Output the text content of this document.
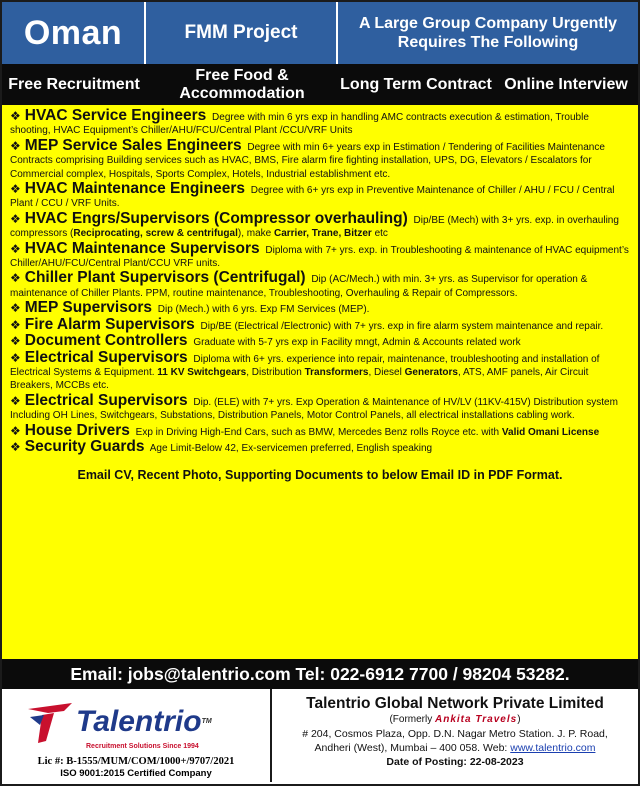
Oman	FMM Project	A Large Group Company Urgently Requires The Following
Free Recruitment
Free Food & Accommodation
Long Term Contract Online Interview
❖ HVAC Service Engineers Degree with min 6 yrs exp in handling AMC contracts execution & estimation, Trouble shooting, HVAC Equipment’s Chiller/AHU/FCU/Central Plant /CCU/VRF Units
❖ MEP Service Sales Engineers Degree with min 6+ years exp in Estimation / Tendering of Facilities Maintenance Contracts comprising Building services such as HVAC, BMS, Fire alarm fire fighting installation, UPS, DG, Elevators / Escalators for Commercial complex, Hospitals, Sports Complex, Hotels, Industrial establishment etc.
❖ HVAC Maintenance Engineers Degree with 6+ yrs exp in Preventive Maintenance of Chiller / AHU / FCU / Central Plant / CCU / VRF Units.
❖ HVAC Engrs/Supervisors (Compressor overhauling) Dip/BE (Mech) with 3+ yrs. exp. in overhauling compressors (Reciprocating, screw & centrifugal), make Carrier, Trane, Bitzer etc
❖ HVAC Maintenance Supervisors Diploma with 7+ yrs. exp. in Troubleshooting & maintenance of HVAC equipment’s Chiller/AHU/FCU/Central Plant/CCU VRF units.
❖ Chiller Plant Supervisors (Centrifugal) Dip (AC/Mech.) with min. 3+ yrs. as Supervisor for operation & maintenance of Chiller Plants. PPM, routine maintenance, Troubleshooting, Overhauling & Repair of Compressors.
❖ MEP Supervisors Dip (Mech.) with 6 yrs. Exp FM Services (MEP).
❖ Fire Alarm Supervisors Dip/BE (Electrical /Electronic) with 7+ yrs. exp in fire alarm system maintenance and repair.
❖ Document Controllers Graduate with 5-7 yrs exp in Facility mngt, Admin & Accounts related work
❖ Electrical Supervisors Diploma with 6+ yrs. experience into repair, maintenance, troubleshooting and installation of Electrical Systems & Equipment. 11 KV Switchgears, Distribution Transformers, Diesel Generators, ATS, AMF panels, Air Circuit Breakers, MCCBs etc.
❖ Electrical Supervisors Dip. (ELE) with 7+ yrs. Exp Operation & Maintenance of HV/LV (11KV-415V) Distribution system Including OH Lines, Switchgears, Substations, Distribution Panels, Motor Control Panels, all electrical installations cabling work.
❖ House Drivers Exp in Driving High-End Cars, such as BMW, Mercedes Benz rolls Royce etc. with Valid Omani License
❖ Security Guards Age Limit-Below 42, Ex-servicemen preferred, English speaking
Email CV, Recent Photo, Supporting Documents to below Email ID in PDF Format.
Email: jobs@talentrio.com Tel: 022-6912 7700 / 98204 53282.
Talentrio™
Recruitment Solutions Since 1994
Lic #: B-1555/MUM/COM/1000+/9707/2021
ISO 9001:2015 Certified Company
Talentrio Global Network Private Limited
(Formerly Ankita Travels)
# 204, Cosmos Plaza, Opp. D.N. Nagar Metro Station. J. P. Road,
Andheri (West), Mumbai – 400 058. Web: www.talentrio.com
Date of Posting: 22-08-2023
